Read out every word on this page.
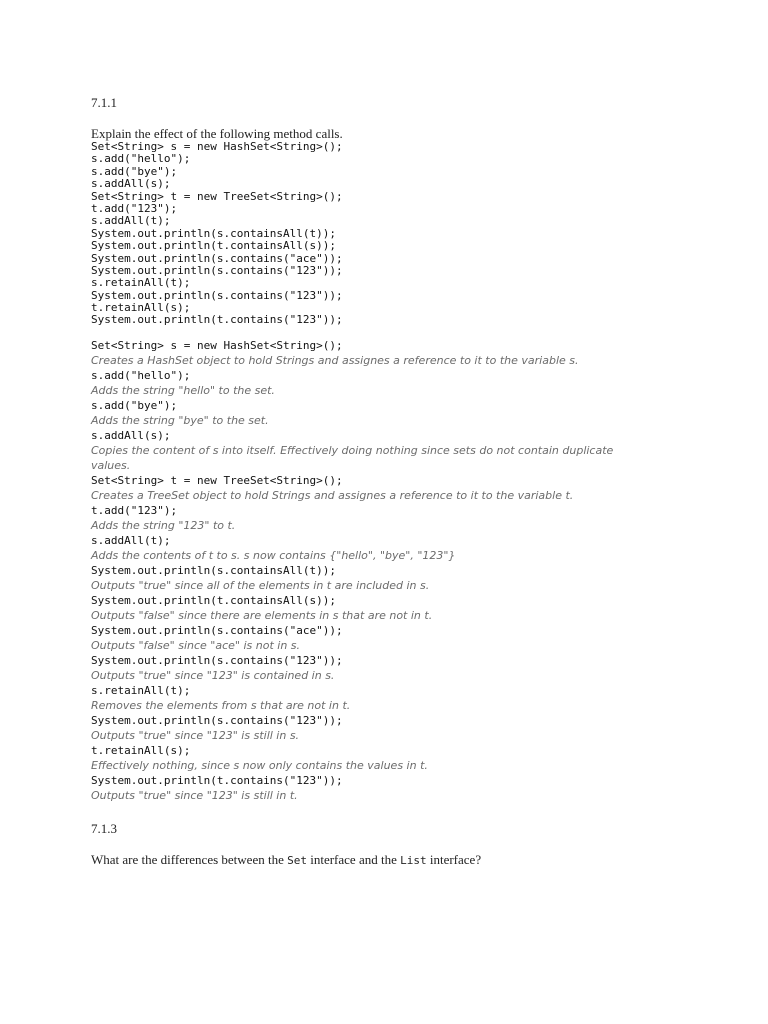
7.1.1
Explain the effect of the following method calls.
Set<String> s = new HashSet<String>();
s.add("hello");
s.add("bye");
s.addAll(s);
Set<String> t = new TreeSet<String>();
t.add("123");
s.addAll(t);
System.out.println(s.containsAll(t));
System.out.println(t.containsAll(s));
System.out.println(s.contains("ace"));
System.out.println(s.contains("123"));
s.retainAll(t);
System.out.println(s.contains("123"));
t.retainAll(s);
System.out.println(t.contains("123"));
Set<String> s = new HashSet<String>();
Creates a HashSet object to hold Strings and assignes a reference to it to the variable s.
s.add("hello");
Adds the string "hello" to the set.
s.add("bye");
Adds the string "bye" to the set.
s.addAll(s);
Copies the content of s into itself. Effectively doing nothing since sets do not contain duplicate values.
Set<String> t = new TreeSet<String>();
Creates a TreeSet object to hold Strings and assignes a reference to it to the variable t.
t.add("123");
Adds the string "123" to t.
s.addAll(t);
Adds the contents of t to s. s now contains {"hello", "bye", "123"}
System.out.println(s.containsAll(t));
Outputs "true" since all of the elements in t are included in s.
System.out.println(t.containsAll(s));
Outputs "false" since there are elements in s that are not in t.
System.out.println(s.contains("ace"));
Outputs "false" since "ace" is not in s.
System.out.println(s.contains("123"));
Outputs "true" since "123" is contained in s.
s.retainAll(t);
Removes the elements from s that are not in t.
System.out.println(s.contains("123"));
Outputs "true" since "123" is still in s.
t.retainAll(s);
Effectively nothing, since s now only contains the values in t.
System.out.println(t.contains("123"));
Outputs "true" since "123" is still in t.
7.1.3
What are the differences between the Set interface and the List interface?
